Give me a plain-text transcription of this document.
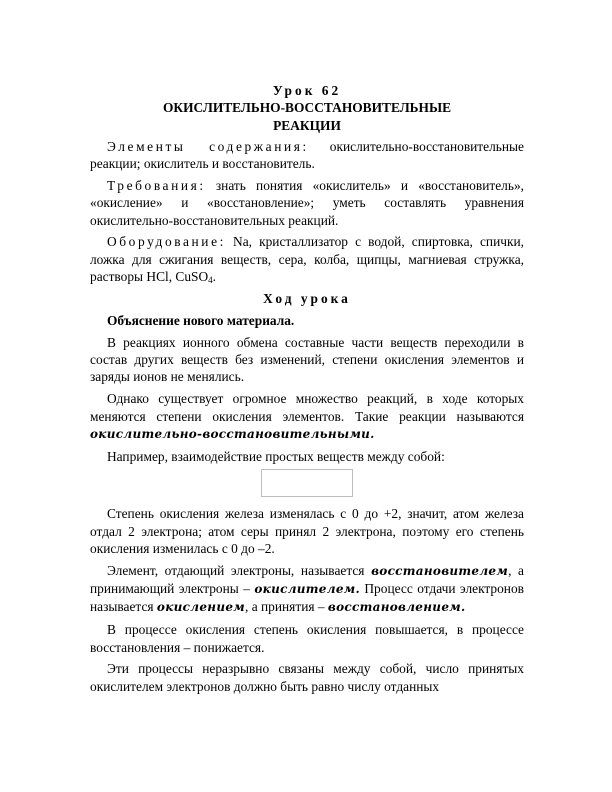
Урок 62
ОКИСЛИТЕЛЬНО-ВОССТАНОВИТЕЛЬНЫЕ
РЕАКЦИИ

Элементы содержания: окислительно-восстановительные реакции; окислитель и восстановитель.

Требования: знать понятия «окислитель» и «восстановитель», «окисление» и «восстановление»; уметь составлять уравнения окислительно-восстановительных реакций.

Оборудование: Na, кристаллизатор с водой, спиртовка, спички, ложка для сжигания веществ, сера, колба, щипцы, магниевая стружка, растворы HCl, CuSO$_4$.

Ход урока

Объяснение нового материала.

В реакциях ионного обмена составные части веществ переходили в состав других веществ без изменений, степени окисления элементов и заряды ионов не менялись.

Однако существует огромное множество реакций, в ходе которых меняются степени окисления элементов. Такие реакции называются окислительно-восстановительными.

Например, взаимодействие простых веществ между собой:

Степень окисления железа изменялась с 0 до +2, значит, атом железа отдал 2 электрона; атом серы принял 2 электрона, поэтому его степень окисления изменилась с 0 до –2.

Элемент, отдающий электроны, называется восстановителем, а принимающий электроны – окислителем. Процесс отдачи электронов называется окислением, а принятия – восстановлением.

В процессе окисления степень окисления повышается, в процессе восстановления – понижается.

Эти процессы неразрывно связаны между собой, число принятых окислителем электронов должно быть равно числу отданных
